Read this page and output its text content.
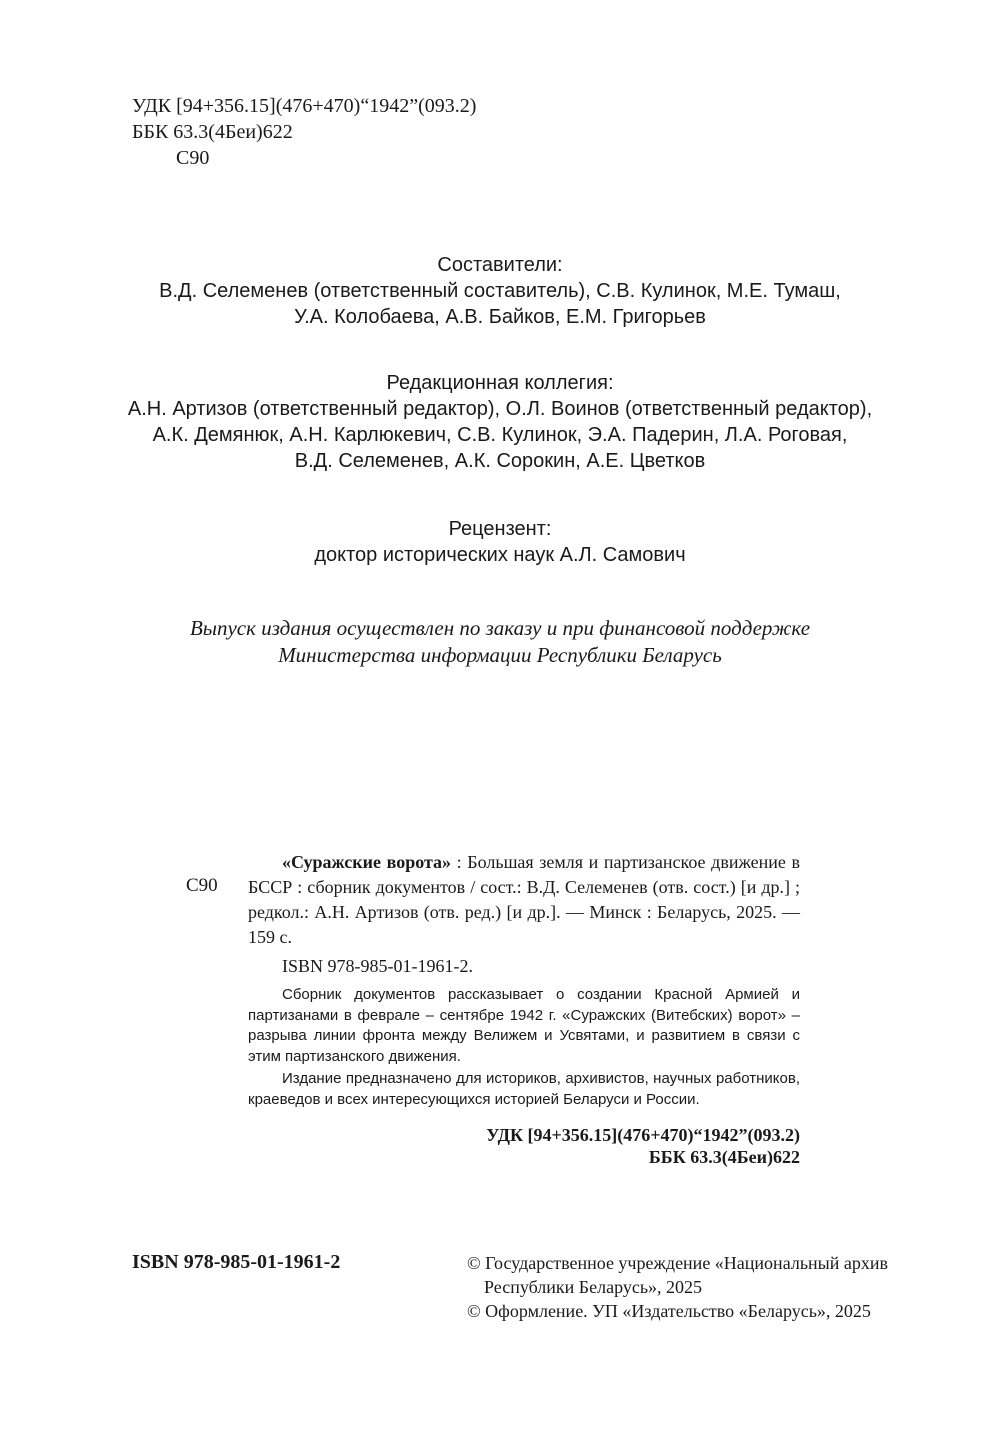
УДК [94+356.15](476+470)“1942”(093.2)
ББК 63.3(4Беи)622
С90
Составители:
В.Д. Селеменев (ответственный составитель), С.В. Кулинок, М.Е. Тумаш,
У.А. Колобаева, А.В. Байков, Е.М. Григорьев
Редакционная коллегия:
А.Н. Артизов (ответственный редактор), О.Л. Воинов (ответственный редактор),
А.К. Демянюк, А.Н. Карлюкевич, С.В. Кулинок, Э.А. Падерин, Л.А. Роговая,
В.Д. Селеменев, А.К. Сорокин, А.Е. Цветков
Рецензент:
доктор исторических наук А.Л. Самович
Выпуск издания осуществлен по заказу и при финансовой поддержке
Министерства информации Республики Беларусь
С90

«Суражские ворота» : Большая земля и партизанское движение в БССР : сборник документов / сост.: В.Д. Селеменев (отв. сост.) [и др.] ; редкол.: А.Н. Артизов (отв. ред.) [и др.]. — Минск : Беларусь, 2025. — 159 с.

ISBN 978-985-01-1961-2.

Сборник документов рассказывает о создании Красной Армией и партизанами в феврале – сентябре 1942 г. «Суражских (Витебских) ворот» – разрыва линии фронта между Велижем и Усвятами, и развитием в связи с этим партизанского движения.

Издание предназначено для историков, архивистов, научных работников, краеведов и всех интересующихся историей Беларуси и России.

УДК [94+356.15](476+470)“1942”(093.2)
ББК 63.3(4Беи)622
ISBN 978-985-01-1961-2	© Государственное учреждение «Национальный архив
Республики Беларусь», 2025
© Оформление. УП «Издательство «Беларусь», 2025
